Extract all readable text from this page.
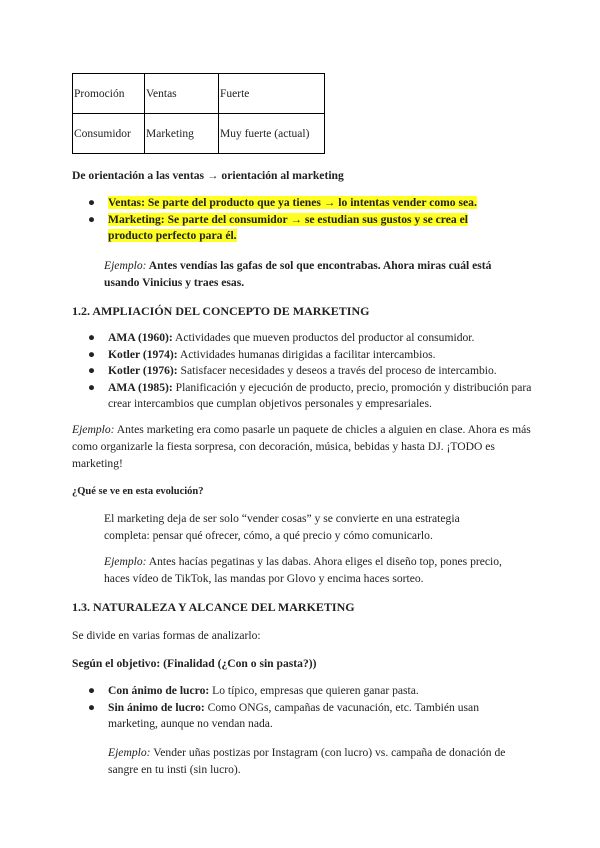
Promoción	Ventas	Fuerte
Consumidor	Marketing	Muy fuerte (actual)
De orientación a las ventas → orientación al marketing
● Ventas: Se parte del producto que ya tienes → lo intentas vender como sea.
● Marketing: Se parte del consumidor → se estudian sus gustos y se crea el producto perfecto para él.
Ejemplo: Antes vendías las gafas de sol que encontrabas. Ahora miras cuál está usando Vinicius y traes esas.
1.2. AMPLIACIÓN DEL CONCEPTO DE MARKETING
● AMA (1960): Actividades que mueven productos del productor al consumidor.
● Kotler (1974): Actividades humanas dirigidas a facilitar intercambios.
● Kotler (1976): Satisfacer necesidades y deseos a través del proceso de intercambio.
● AMA (1985): Planificación y ejecución de producto, precio, promoción y distribución para crear intercambios que cumplan objetivos personales y empresariales.
Ejemplo: Antes marketing era como pasarle un paquete de chicles a alguien en clase. Ahora es más como organizarle la fiesta sorpresa, con decoración, música, bebidas y hasta DJ. ¡TODO es marketing!
¿Qué se ve en esta evolución?
El marketing deja de ser solo “vender cosas” y se convierte en una estrategia completa: pensar qué ofrecer, cómo, a qué precio y cómo comunicarlo.
Ejemplo: Antes hacías pegatinas y las dabas. Ahora eliges el diseño top, pones precio, haces vídeo de TikTok, las mandas por Glovo y encima haces sorteo.
1.3. NATURALEZA Y ALCANCE DEL MARKETING
Se divide en varias formas de analizarlo:
Según el objetivo: (Finalidad (¿Con o sin pasta?))
● Con ánimo de lucro: Lo típico, empresas que quieren ganar pasta.
● Sin ánimo de lucro: Como ONGs, campañas de vacunación, etc. También usan marketing, aunque no vendan nada.
Ejemplo: Vender uñas postizas por Instagram (con lucro) vs. campaña de donación de sangre en tu insti (sin lucro).
